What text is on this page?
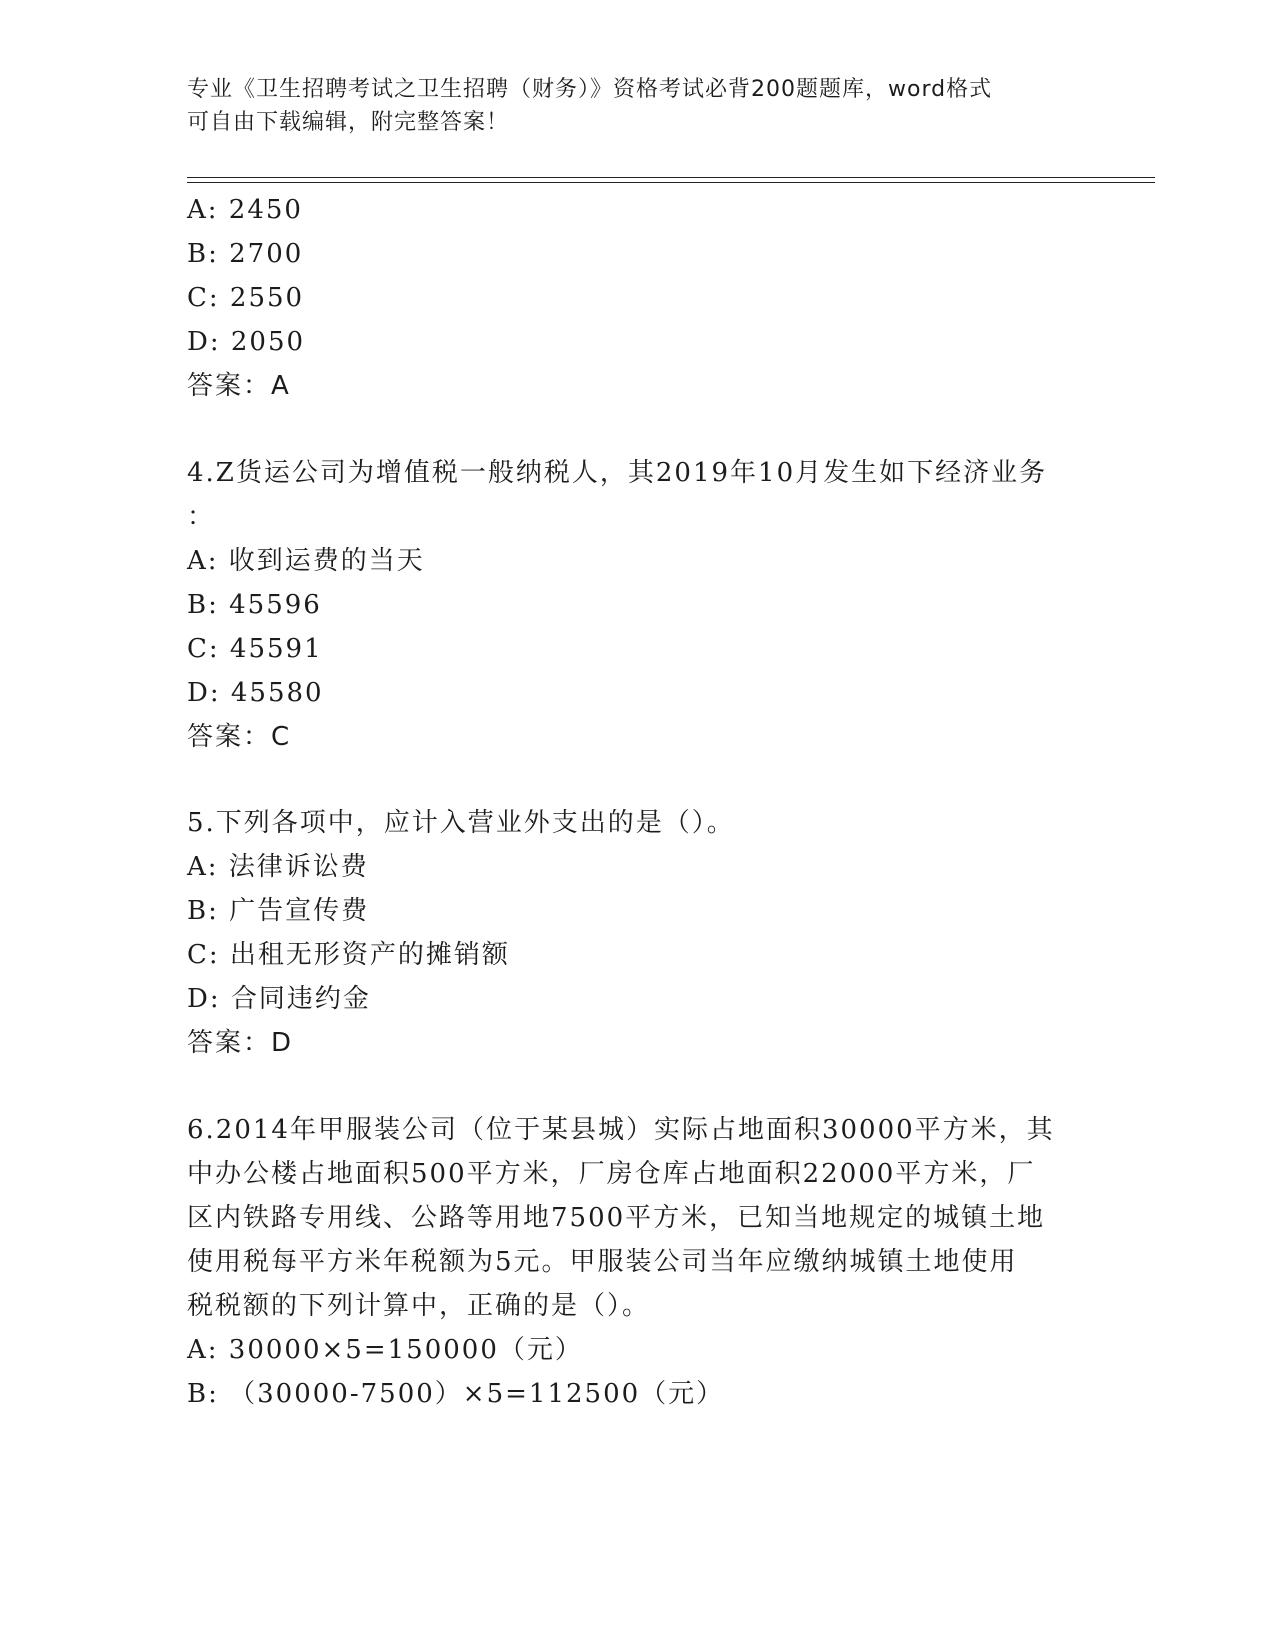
专业《卫生招聘考试之卫生招聘（财务）》资格考试必背200题题库，word格式
可自由下载编辑，附完整答案！
A: 2450
B: 2700
C: 2550
D: 2050
答案：A
4.Z货运公司为增值税一般纳税人，其2019年10月发生如下经济业务
：
A: 收到运费的当天
B: 45596
C: 45591
D: 45580
答案：C
5.下列各项中，应计入营业外支出的是（）。
A: 法律诉讼费
B: 广告宣传费
C: 出租无形资产的摊销额
D: 合同违约金
答案：D
6.2014年甲服装公司（位于某县城）实际占地面积30000平方米，其
中办公楼占地面积500平方米，厂房仓库占地面积22000平方米，厂
区内铁路专用线、公路等用地7500平方米，已知当地规定的城镇土地
使用税每平方米年税额为5元。甲服装公司当年应缴纳城镇土地使用
税税额的下列计算中，正确的是（）。
A: 30000×5=150000（元）
B: （30000-7500）×5=112500（元）
